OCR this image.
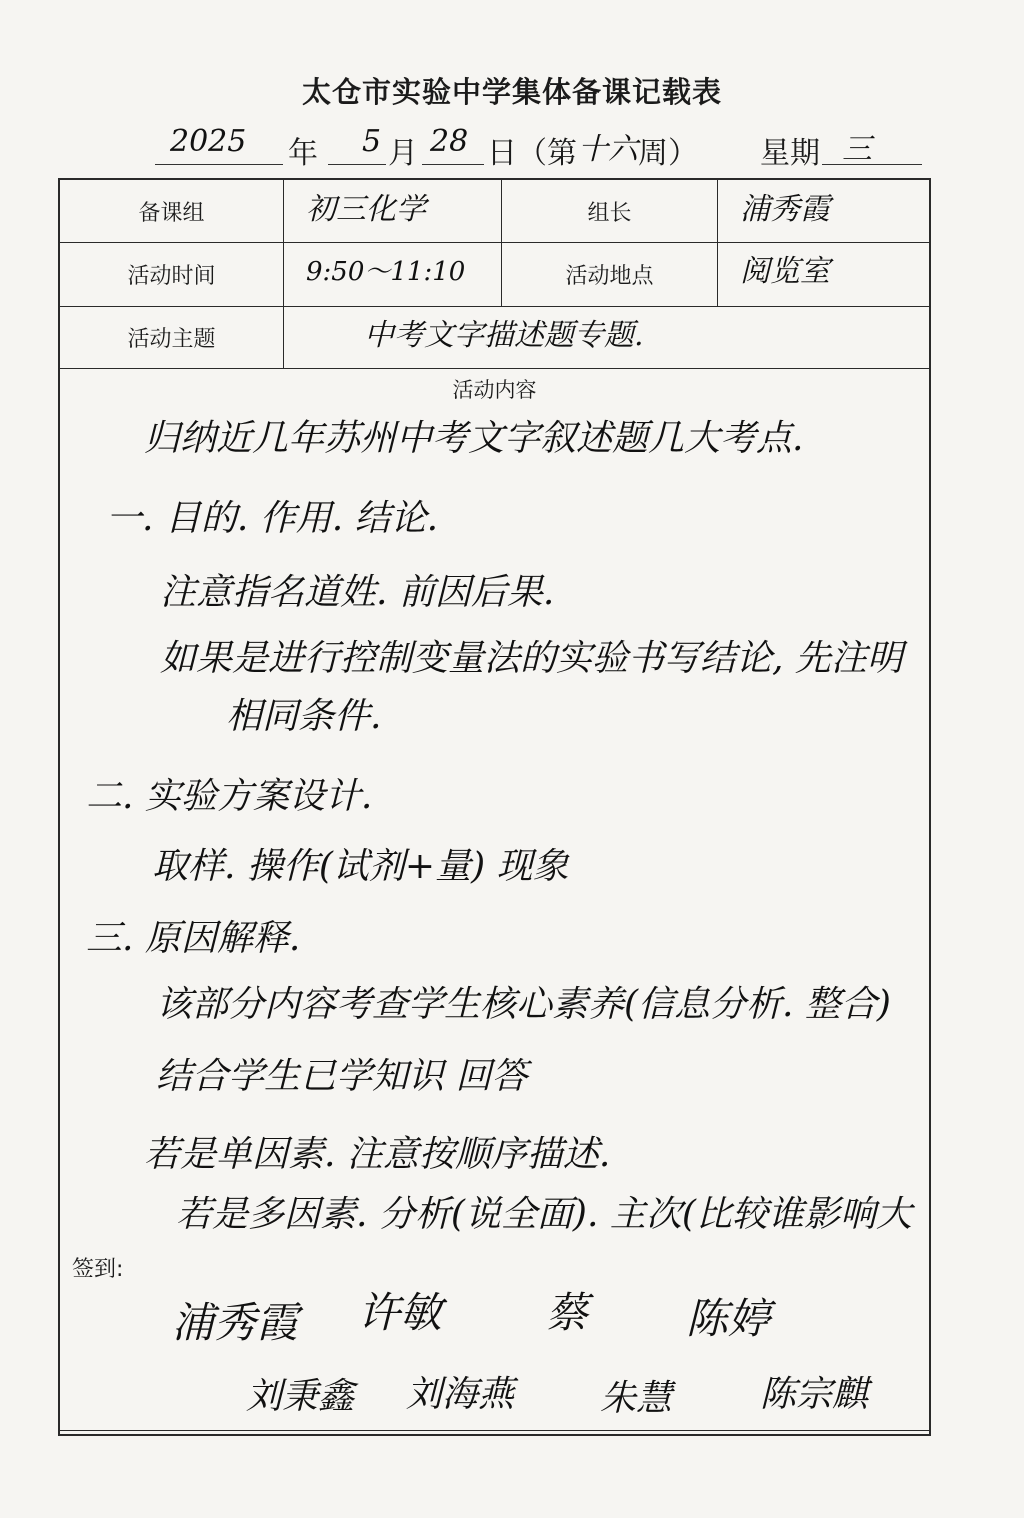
太仓市实验中学集体备课记载表
2025 年 5 月 28 日（第 十六 周） 星期 三
备课组	初三化学	组长	浦秀霞
活动时间	9:50～11:10	活动地点	阅览室
活动主题	中考文字描述题专题.
活动内容
归纳近几年苏州中考文字叙述题几大考点.
一. 目的. 作用. 结论.
注意指名道姓. 前因后果.
如果是进行控制变量法的实验书写结论, 先注明
相同条件.
二. 实验方案设计.
取样. 操作(试剂+量) 现象
三. 原因解释.
该部分内容考查学生核心素养(信息分析. 整合)
结合学生已学知识 回答
若是单因素. 注意按顺序描述.
若是多因素. 分析(说全面). 主次(比较谁影响大
签到:
浦秀霞 许敏 蔡 陈婷
刘秉鑫 刘海燕 朱慧 陈宗麒
